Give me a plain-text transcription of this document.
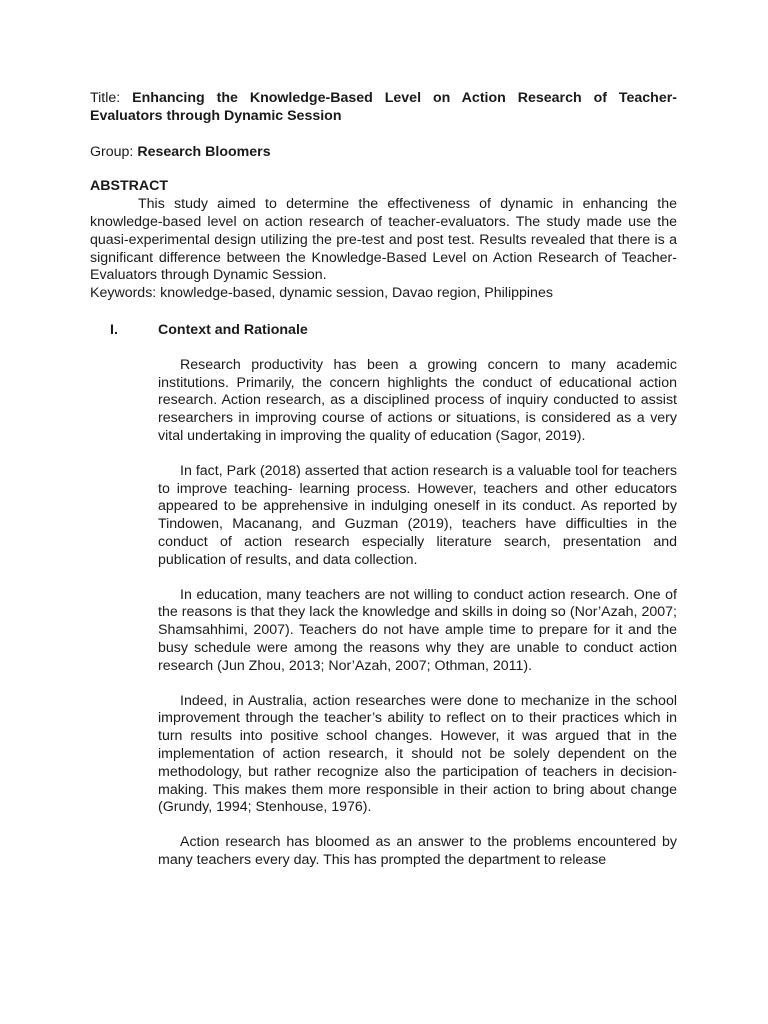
Title: Enhancing the Knowledge-Based Level on Action Research of Teacher-Evaluators through Dynamic Session

Group: Research Bloomers

ABSTRACT

This study aimed to determine the effectiveness of dynamic in enhancing the knowledge-based level on action research of teacher-evaluators. The study made use the quasi-experimental design utilizing the pre-test and post test. Results revealed that there is a significant difference between the Knowledge-Based Level on Action Research of Teacher-Evaluators through Dynamic Session.

Keywords: knowledge-based, dynamic session, Davao region, Philippines

I.	Context and Rationale

Research productivity has been a growing concern to many academic institutions. Primarily, the concern highlights the conduct of educational action research. Action research, as a disciplined process of inquiry conducted to assist researchers in improving course of actions or situations, is considered as a very vital undertaking in improving the quality of education (Sagor, 2019).

In fact, Park (2018) asserted that action research is a valuable tool for teachers to improve teaching- learning process. However, teachers and other educators appeared to be apprehensive in indulging oneself in its conduct. As reported by Tindowen, Macanang, and Guzman (2019), teachers have difficulties in the conduct of action research especially literature search, presentation and publication of results, and data collection.

In education, many teachers are not willing to conduct action research. One of the reasons is that they lack the knowledge and skills in doing so (Nor’Azah, 2007; Shamsahhimi, 2007). Teachers do not have ample time to prepare for it and the busy schedule were among the reasons why they are unable to conduct action research (Jun Zhou, 2013; Nor’Azah, 2007; Othman, 2011).

Indeed, in Australia, action researches were done to mechanize in the school improvement through the teacher’s ability to reflect on to their practices which in turn results into positive school changes. However, it was argued that in the implementation of action research, it should not be solely dependent on the methodology, but rather recognize also the participation of teachers in decision- making. This makes them more responsible in their action to bring about change (Grundy, 1994; Stenhouse, 1976).

Action research has bloomed as an answer to the problems encountered by many teachers every day. This has prompted the department to release
